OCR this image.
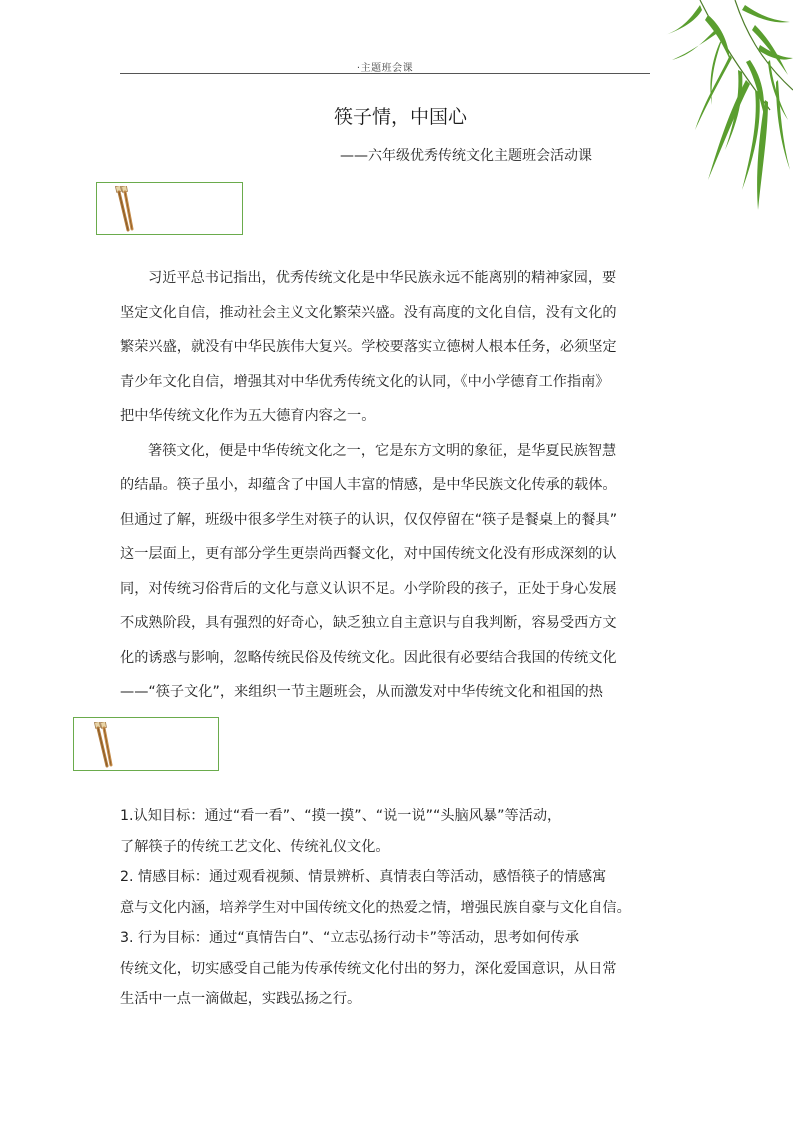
·主题班会课
筷子情，中国心
——六年级优秀传统文化主题班会活动课
习近平总书记指出，优秀传统文化是中华民族永远不能离别的精神家园，要
坚定文化自信，推动社会主义文化繁荣兴盛。没有高度的文化自信，没有文化的
繁荣兴盛，就没有中华民族伟大复兴。学校要落实立德树人根本任务，必须坚定
青少年文化自信，增强其对中华优秀传统文化的认同，《中小学德育工作指南》
把中华传统文化作为五大德育内容之一。
箸筷文化，便是中华传统文化之一，它是东方文明的象征，是华夏民族智慧
的结晶。筷子虽小，却蕴含了中国人丰富的情感，是中华民族文化传承的载体。
但通过了解，班级中很多学生对筷子的认识，仅仅停留在“筷子是餐桌上的餐具”
这一层面上，更有部分学生更崇尚西餐文化，对中国传统文化没有形成深刻的认
同，对传统习俗背后的文化与意义认识不足。小学阶段的孩子，正处于身心发展
不成熟阶段，具有强烈的好奇心，缺乏独立自主意识与自我判断，容易受西方文
化的诱惑与影响，忽略传统民俗及传统文化。因此很有必要结合我国的传统文化
——“筷子文化”，来组织一节主题班会，从而激发对中华传统文化和祖国的热
1.认知目标：通过“看一看”、“摸一摸”、“说一说”“头脑风暴”等活动，
了解筷子的传统工艺文化、传统礼仪文化。
2. 情感目标：通过观看视频、情景辨析、真情表白等活动，感悟筷子的情感寓
意与文化内涵，培养学生对中国传统文化的热爱之情，增强民族自豪与文化自信。
3. 行为目标：通过“真情告白”、“立志弘扬行动卡”等活动，思考如何传承
传统文化，切实感受自己能为传承传统文化付出的努力，深化爱国意识，从日常
生活中一点一滴做起，实践弘扬之行。
